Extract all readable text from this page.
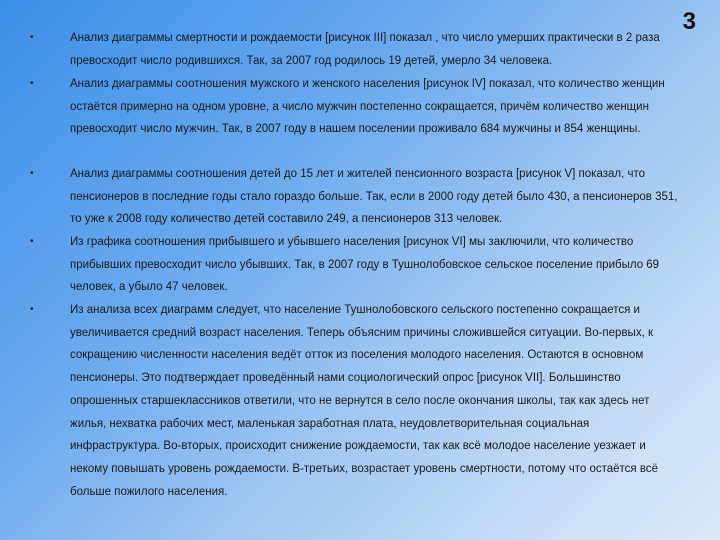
3
•	Анализ диаграммы смертности и рождаемости [рисунок III] показал , что число умерших практически в 2 раза превосходит число родившихся. Так, за 2007 год родилось 19 детей, умерло 34 человека.
•	Анализ диаграммы соотношения мужского и женского населения [рисунок IV] показал, что количество женщин остаётся примерно на одном уровне, а число мужчин постепенно сокращается, причём количество женщин превосходит число мужчин. Так, в 2007 году в нашем поселении проживало 684 мужчины и 854 женщины.
•	Анализ диаграммы соотношения детей до 15 лет и жителей пенсионного возраста [рисунок V] показал, что пенсионеров в последние годы стало гораздо больше. Так, если в 2000 году детей было 430, а пенсионеров 351, то уже к 2008 году количество детей составило 249, а пенсионеров 313 человек.
•	Из графика соотношения прибывшего и убывшего населения [рисунок VI] мы заключили, что количество прибывших превосходит число убывших. Так, в 2007 году в Тушнолобовское сельское поселение прибыло 69 человек, а убыло 47 человек.
•	Из анализа всех диаграмм следует, что население Тушнолобовского сельского постепенно сокращается и увеличивается средний возраст населения. Теперь объясним причины сложившейся ситуации. Во-первых, к сокращению численности населения ведёт отток из поселения молодого населения. Остаются в основном пенсионеры. Это подтверждает проведённый нами социологический опрос [рисунок VII]. Большинство опрошенных старшеклассников ответили, что не вернутся в село после окончания школы, так как здесь нет жилья, нехватка рабочих мест, маленькая заработная плата, неудовлетворительная социальная инфраструктура. Во-вторых, происходит снижение рождаемости, так как всё молодое население уезжает и некому повышать уровень рождаемости. В-третьих, возрастает уровень смертности, потому что остаётся всё больше пожилого населения.
